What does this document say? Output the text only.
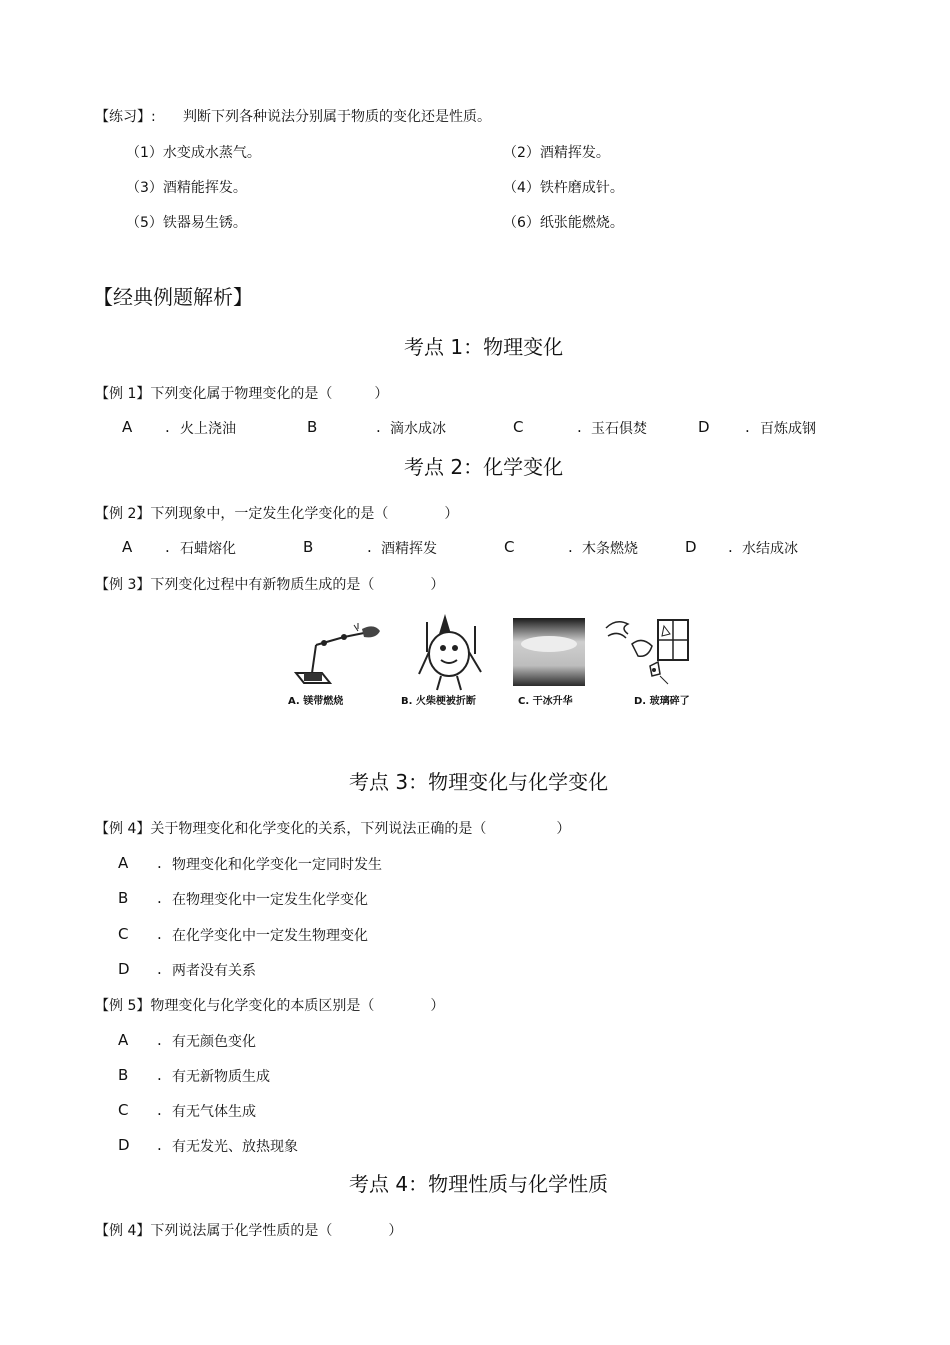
【练习】: 判断下列各种说法分别属于物质的变化还是性质。
（1）水变成水蒸气。	（2）酒精挥发。
（3）酒精能挥发。	（4）铁杵磨成针。
（5）铁器易生锈。	（6）纸张能燃烧。
【经典例题解析】
考点 1：物理变化
【例 1】下列变化属于物理变化的是（　　　）
A . 火上浇油	B	. 滴水成冰	C	. 玉石俱焚	D . 百炼成钢
考点 2：化学变化
【例 2】下列现象中，一定发生化学变化的是（　　　　）
A . 石蜡熔化	B	. 酒精挥发	C	. 木条燃烧	D . 水结成冰
【例 3】下列变化过程中有新物质生成的是（　　　　）
A. 镁带燃烧	B. 火柴梗被折断	C. 干冰升华	D. 玻璃碎了
考点 3：物理变化与化学变化
【例 4】关于物理变化和化学变化的关系，下列说法正确的是（　　　　　）
A . 物理变化和化学变化一定同时发生
B . 在物理变化中一定发生化学变化
C . 在化学变化中一定发生物理变化
D . 两者没有关系
【例 5】物理变化与化学变化的本质区别是（　　　　）
A . 有无颜色变化
B . 有无新物质生成
C . 有无气体生成
D . 有无发光、放热现象
考点 4：物理性质与化学性质
【例 4】下列说法属于化学性质的是（　　　　）
